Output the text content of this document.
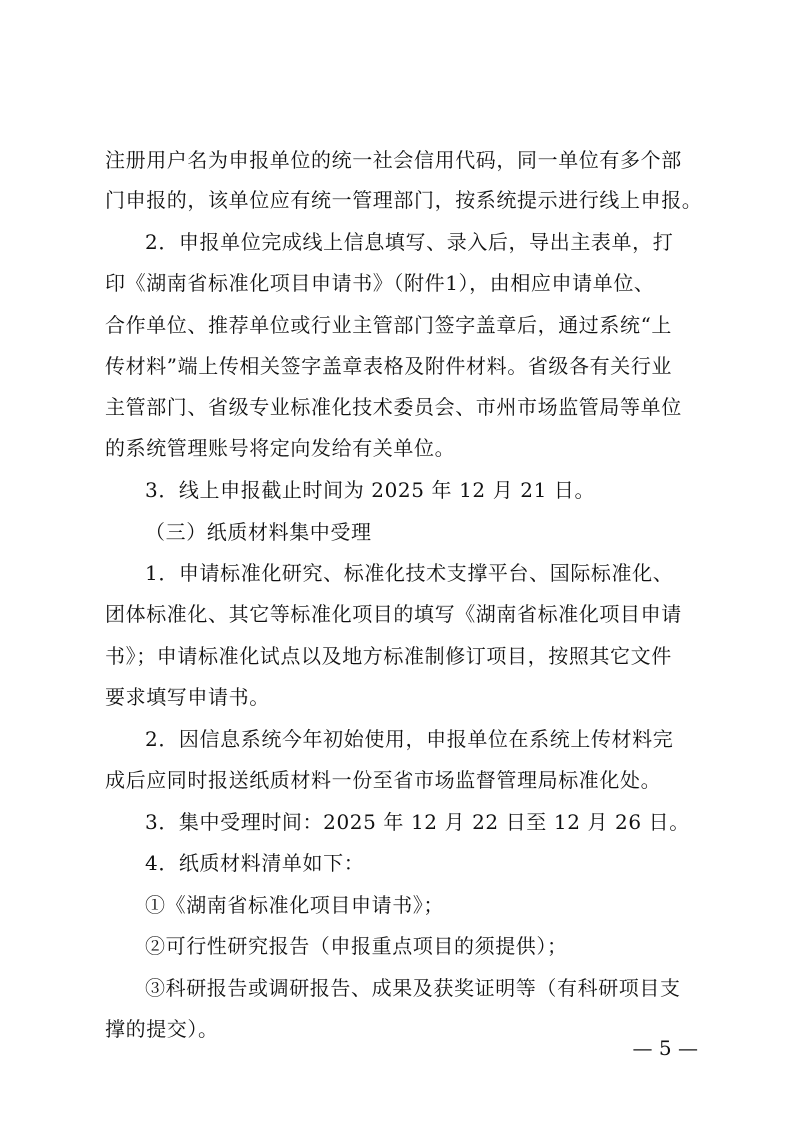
注册用户名为申报单位的统一社会信用代码，同一单位有多个部
门申报的，该单位应有统一管理部门，按系统提示进行线上申报。
2．申报单位完成线上信息填写、录入后，导出主表单，打
印《湖南省标准化项目申请书》（附件1），由相应申请单位、
合作单位、推荐单位或行业主管部门签字盖章后，通过系统“上
传材料”端上传相关签字盖章表格及附件材料。省级各有关行业
主管部门、省级专业标准化技术委员会、市州市场监管局等单位
的系统管理账号将定向发给有关单位。
3．线上申报截止时间为 2025 年 12 月 21 日。
（三）纸质材料集中受理
1．申请标准化研究、标准化技术支撑平台、国际标准化、
团体标准化、其它等标准化项目的填写《湖南省标准化项目申请
书》；申请标准化试点以及地方标准制修订项目，按照其它文件
要求填写申请书。
2．因信息系统今年初始使用，申报单位在系统上传材料完
成后应同时报送纸质材料一份至省市场监督管理局标准化处。
3．集中受理时间：2025 年 12 月 22 日至 12 月 26 日。
4．纸质材料清单如下：
①《湖南省标准化项目申请书》；
②可行性研究报告（申报重点项目的须提供）；
③科研报告或调研报告、成果及获奖证明等（有科研项目支
撑的提交）。
— 5 —
